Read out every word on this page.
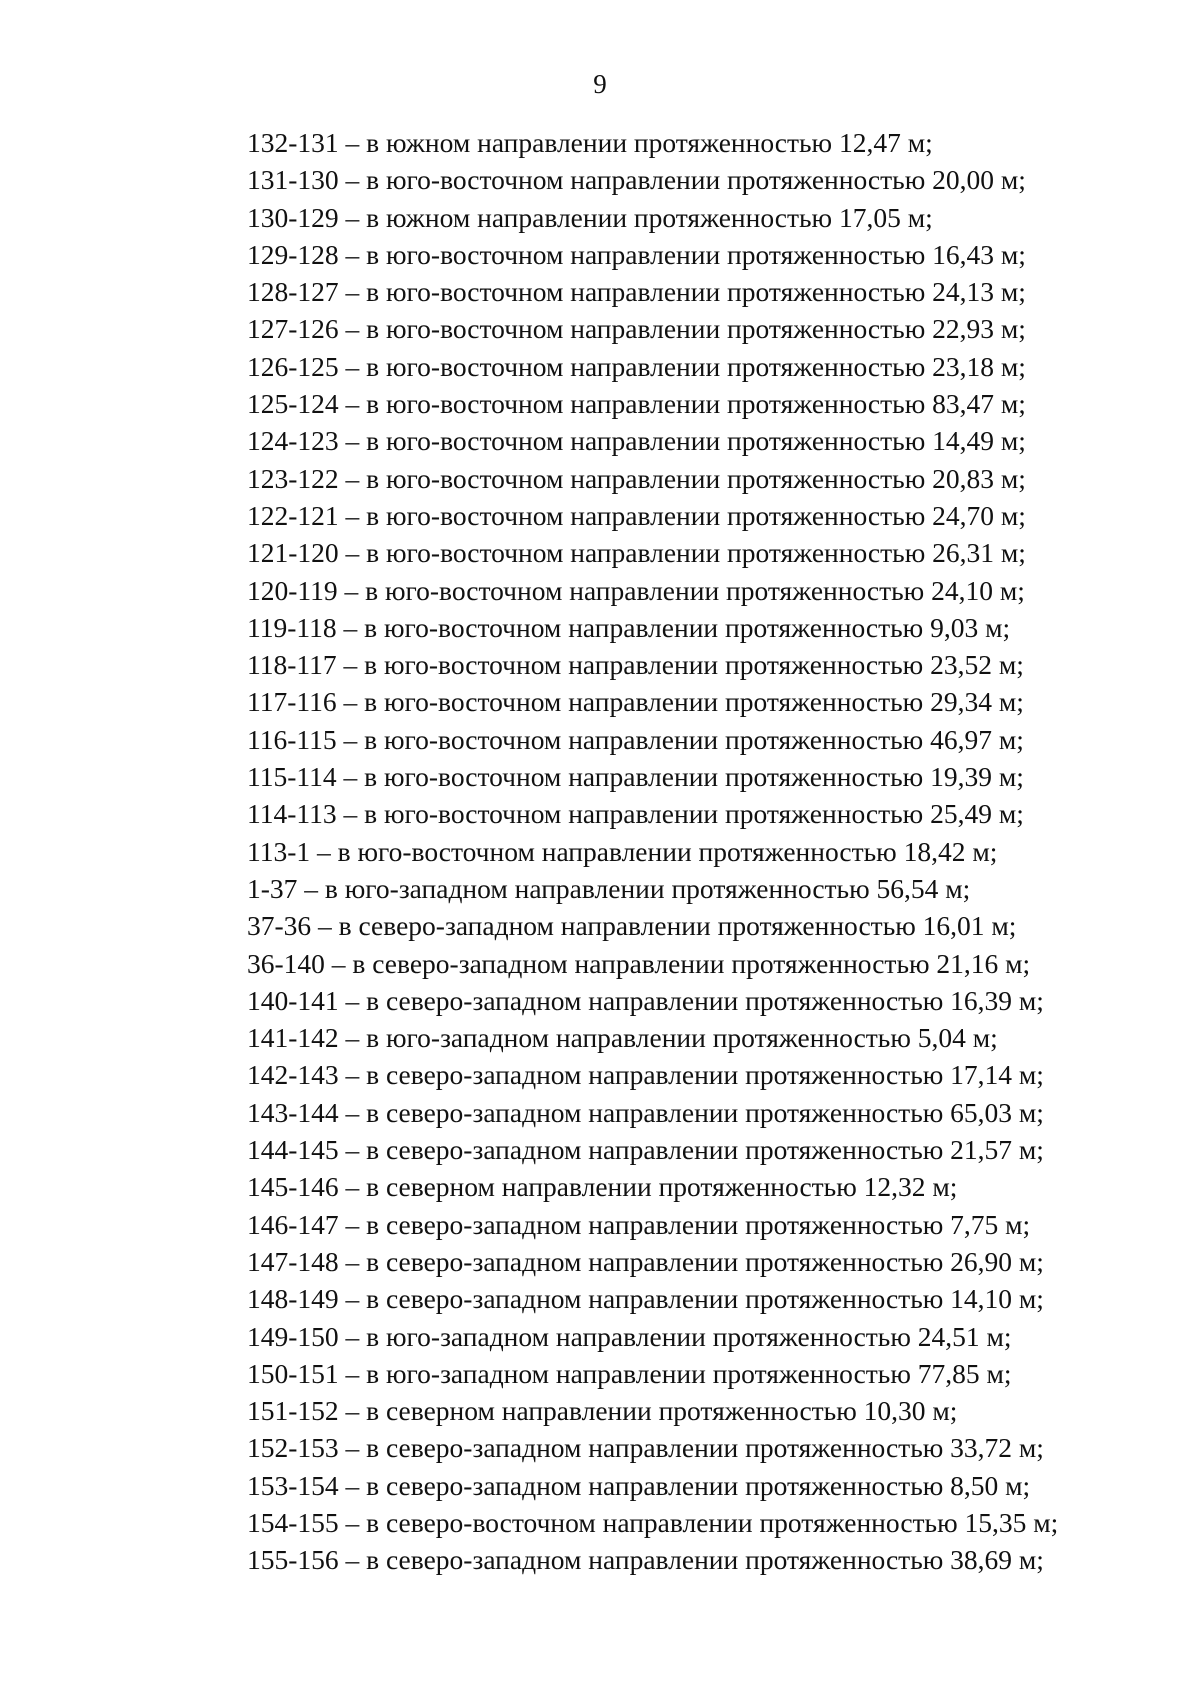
9
132-131 – в южном направлении протяженностью 12,47 м;
131-130 – в юго-восточном направлении протяженностью 20,00 м;
130-129 – в южном направлении протяженностью 17,05 м;
129-128 – в юго-восточном направлении протяженностью 16,43 м;
128-127 – в юго-восточном направлении протяженностью 24,13 м;
127-126 – в юго-восточном направлении протяженностью 22,93 м;
126-125 – в юго-восточном направлении протяженностью 23,18 м;
125-124 – в юго-восточном направлении протяженностью 83,47 м;
124-123 – в юго-восточном направлении протяженностью 14,49 м;
123-122 – в юго-восточном направлении протяженностью 20,83 м;
122-121 – в юго-восточном направлении протяженностью 24,70 м;
121-120 – в юго-восточном направлении протяженностью 26,31 м;
120-119 – в юго-восточном направлении протяженностью 24,10 м;
119-118 – в юго-восточном направлении протяженностью 9,03 м;
118-117 – в юго-восточном направлении протяженностью 23,52 м;
117-116 – в юго-восточном направлении протяженностью 29,34 м;
116-115 – в юго-восточном направлении протяженностью 46,97 м;
115-114 – в юго-восточном направлении протяженностью 19,39 м;
114-113 – в юго-восточном направлении протяженностью 25,49 м;
113-1 – в юго-восточном направлении протяженностью 18,42 м;
1-37 – в юго-западном направлении протяженностью 56,54 м;
37-36 – в северо-западном направлении протяженностью 16,01 м;
36-140 – в северо-западном направлении протяженностью 21,16 м;
140-141 – в северо-западном направлении протяженностью 16,39 м;
141-142 – в юго-западном направлении протяженностью 5,04 м;
142-143 – в северо-западном направлении протяженностью 17,14 м;
143-144 – в северо-западном направлении протяженностью 65,03 м;
144-145 – в северо-западном направлении протяженностью 21,57 м;
145-146 – в северном направлении протяженностью 12,32 м;
146-147 – в северо-западном направлении протяженностью 7,75 м;
147-148 – в северо-западном направлении протяженностью 26,90 м;
148-149 – в северо-западном направлении протяженностью 14,10 м;
149-150 – в юго-западном направлении протяженностью 24,51 м;
150-151 – в юго-западном направлении протяженностью 77,85 м;
151-152 – в северном направлении протяженностью 10,30 м;
152-153 – в северо-западном направлении протяженностью 33,72 м;
153-154 – в северо-западном направлении протяженностью 8,50 м;
154-155 – в северо-восточном направлении протяженностью 15,35 м;
155-156 – в северо-западном направлении протяженностью 38,69 м;
